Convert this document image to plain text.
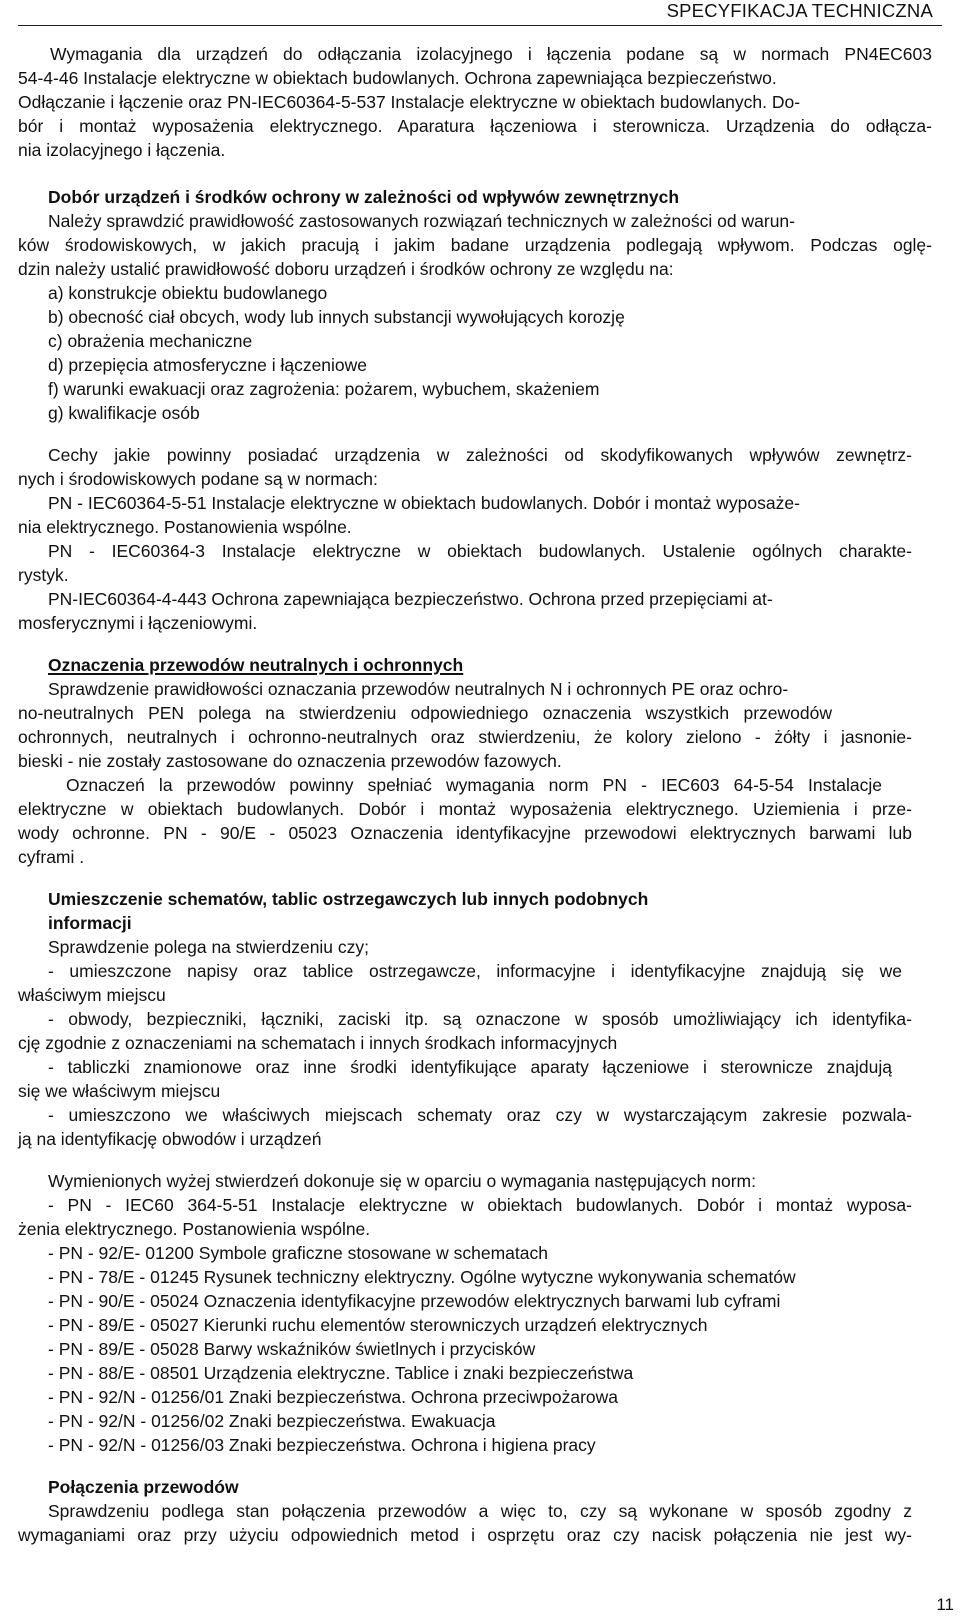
SPECYFIKACJA TECHNICZNA
Wymagania dla urządzeń do odłączania izolacyjnego i łączenia podane są w normach PN4EC603
54-4-46 Instalacje elektryczne w obiektach budowlanych. Ochrona zapewniająca bezpieczeństwo.
Odłączanie i łączenie oraz PN-IEC60364-5-537 Instalacje elektryczne w obiektach budowlanych. Do-
bór i montaż wyposażenia elektrycznego. Aparatura łączeniowa i sterownicza. Urządzenia do odłącza-
nia izolacyjnego i łączenia.
Dobór urządzeń i środków ochrony w zależności od wpływów zewnętrznych
Należy sprawdzić prawidłowość zastosowanych rozwiązań technicznych w zależności od warun-
ków środowiskowych, w jakich pracują i jakim badane urządzenia podlegają wpływom. Podczas oglę-
dzin należy ustalić prawidłowość doboru urządzeń i środków ochrony ze względu na:
a) konstrukcje obiektu budowlanego
b) obecność ciał obcych, wody lub innych substancji wywołujących korozję
c) obrażenia mechaniczne
d) przepięcia atmosferyczne i łączeniowe
f) warunki ewakuacji oraz zagrożenia: pożarem, wybuchem, skażeniem
g) kwalifikacje osób
Cechy jakie powinny posiadać urządzenia w zależności od skodyfikowanych wpływów zewnętrz-
nych i środowiskowych podane są w normach:
PN - IEC60364-5-51 Instalacje elektryczne w obiektach budowlanych. Dobór i montaż wyposaże-
nia elektrycznego. Postanowienia wspólne.
PN - IEC60364-3 Instalacje elektryczne w obiektach budowlanych. Ustalenie ogólnych charakte-
rystyk.
PN-IEC60364-4-443 Ochrona zapewniająca bezpieczeństwo. Ochrona przed przepięciami at-
mosferycznymi i łączeniowymi.
Oznaczenia przewodów neutralnych i ochronnych
Sprawdzenie prawidłowości oznaczania przewodów neutralnych N i ochronnych PE oraz ochro-
no-neutralnych PEN polega na stwierdzeniu odpowiedniego oznaczenia wszystkich przewodów
ochronnych, neutralnych i ochronno-neutralnych oraz stwierdzeniu, że kolory zielono - żółty i jasnonie-
bieski - nie zostały zastosowane do oznaczenia przewodów fazowych.
Oznaczeń la przewodów powinny spełniać wymagania norm PN - IEC603 64-5-54 Instalacje
elektryczne w obiektach budowlanych. Dobór i montaż wyposażenia elektrycznego. Uziemienia i prze-
wody ochronne. PN - 90/E - 05023 Oznaczenia identyfikacyjne przewodowi elektrycznych barwami lub
cyframi .
Umieszczenie schematów, tablic ostrzegawczych lub innych podobnych
informacji
Sprawdzenie polega na stwierdzeniu czy;
- umieszczone napisy oraz tablice ostrzegawcze, informacyjne i identyfikacyjne znajdują się we
właściwym miejscu
- obwody, bezpieczniki, łączniki, zaciski itp. są oznaczone w sposób umożliwiający ich identyfika-
cję zgodnie z oznaczeniami na schematach i innych środkach informacyjnych
- tabliczki znamionowe oraz inne środki identyfikujące aparaty łączeniowe i sterownicze znajdują
się we właściwym miejscu
- umieszczono we właściwych miejscach schematy oraz czy w wystarczającym zakresie pozwala-
ją na identyfikację obwodów i urządzeń
Wymienionych wyżej stwierdzeń dokonuje się w oparciu o wymagania następujących norm:
- PN - IEC60 364-5-51 Instalacje elektryczne w obiektach budowlanych. Dobór i montaż wyposa-
żenia elektrycznego. Postanowienia wspólne.
- PN - 92/E- 01200 Symbole graficzne stosowane w schematach
- PN - 78/E - 01245 Rysunek techniczny elektryczny. Ogólne wytyczne wykonywania schematów
- PN - 90/E - 05024 Oznaczenia identyfikacyjne przewodów elektrycznych barwami lub cyframi
- PN - 89/E - 05027 Kierunki ruchu elementów sterowniczych urządzeń elektrycznych
- PN - 89/E - 05028 Barwy wskaźników świetlnych i przycisków
- PN - 88/E - 08501 Urządzenia elektryczne. Tablice i znaki bezpieczeństwa
- PN - 92/N - 01256/01 Znaki bezpieczeństwa. Ochrona przeciwpożarowa
- PN - 92/N - 01256/02 Znaki bezpieczeństwa. Ewakuacja
- PN - 92/N - 01256/03 Znaki bezpieczeństwa. Ochrona i higiena pracy
Połączenia przewodów
Sprawdzeniu podlega stan połączenia przewodów a więc to, czy są wykonane w sposób zgodny z
wymaganiami oraz przy użyciu odpowiednich metod i osprzętu oraz czy nacisk połączenia nie jest wy-
11
